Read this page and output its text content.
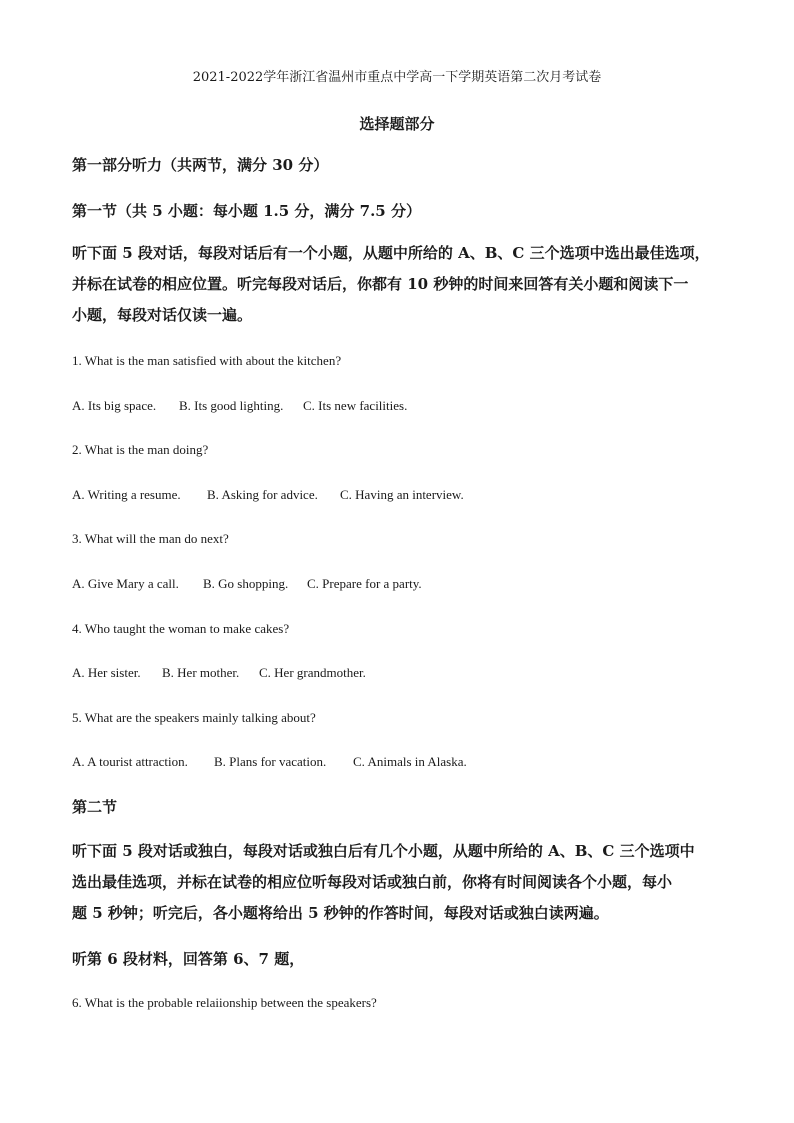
2021-2022学年浙江省温州市重点中学高一下学期英语第二次月考试卷
选择题部分
第一部分听力（共两节，满分 30 分）
第一节（共 5 小题：每小题 1.5 分，满分 7.5 分）
听下面 5 段对话，每段对话后有一个小题，从题中所给的 A、B、C 三个选项中选出最佳选项，
并标在试卷的相应位置。听完每段对话后，你都有 10 秒钟的时间来回答有关小题和阅读下一
小题，每段对话仅读一遍。
1. What is the man satisfied with about the kitchen?
A. Its big space. B. Its good lighting. C. Its new facilities.
2. What is the man doing?
A. Writing a resume. B. Asking for advice. C. Having an interview.
3. What will the man do next?
A. Give Mary a call. B. Go shopping. C. Prepare for a party.
4. Who taught the woman to make cakes?
A. Her sister. B. Her mother. C. Her grandmother.
5. What are the speakers mainly talking about?
A. A tourist attraction. B. Plans for vacation. C. Animals in Alaska.
第二节
听下面 5 段对话或独白，每段对话或独白后有几个小题，从题中所给的 A、B、C 三个选项中
选出最佳选项，并标在试卷的相应位听每段对话或独白前，你将有时间阅读各个小题，每小
题 5 秒钟；听完后，各小题将给出 5 秒钟的作答时间，每段对话或独白读两遍。
听第 6 段材料，回答第 6、7 题，
6. What is the probable relaiionship between the speakers?
